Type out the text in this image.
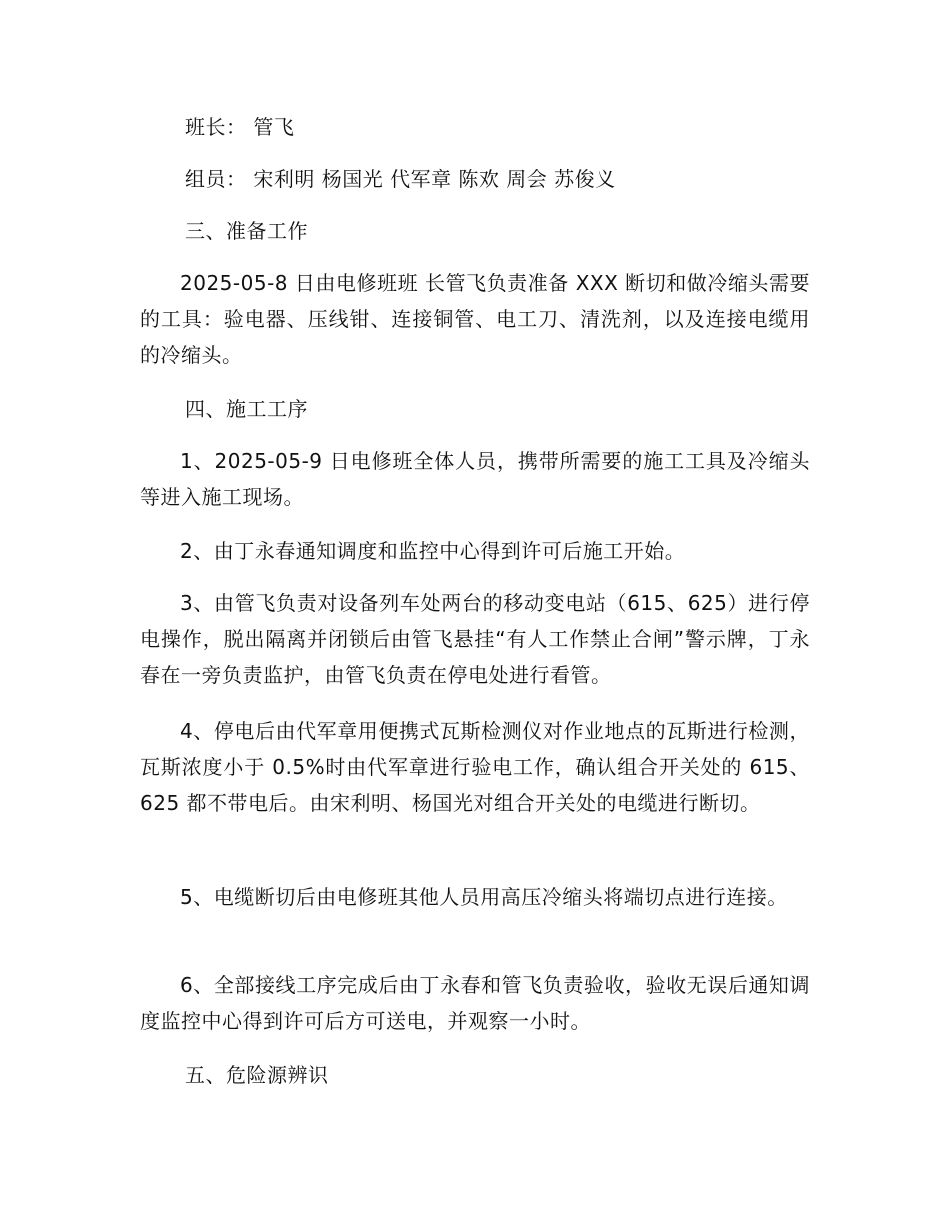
班长： 管飞
组员： 宋利明 杨国光 代军章 陈欢 周会 苏俊义
三、准备工作
2025-05-8 日由电修班班 长管飞负责准备 XXX 断切和做冷缩头需要的工具：验电器、压线钳、连接铜管、电工刀、清洗剂，以及连接电缆用的冷缩头。
四、施工工序
1、2025-05-9 日电修班全体人员，携带所需要的施工工具及冷缩头等进入施工现场。
2、由丁永春通知调度和监控中心得到许可后施工开始。
3、由管飞负责对设备列车处两台的移动变电站（615、625）进行停电操作，脱出隔离并闭锁后由管飞悬挂“有人工作禁止合闸”警示牌，丁永春在一旁负责监护，由管飞负责在停电处进行看管。
4、停电后由代军章用便携式瓦斯检测仪对作业地点的瓦斯进行检测，瓦斯浓度小于 0.5%时由代军章进行验电工作，确认组合开关处的 615、625 都不带电后。由宋利明、杨国光对组合开关处的电缆进行断切。
5、电缆断切后由电修班其他人员用高压冷缩头将端切点进行连接。
6、全部接线工序完成后由丁永春和管飞负责验收，验收无误后通知调度监控中心得到许可后方可送电，并观察一小时。
五、危险源辨识
